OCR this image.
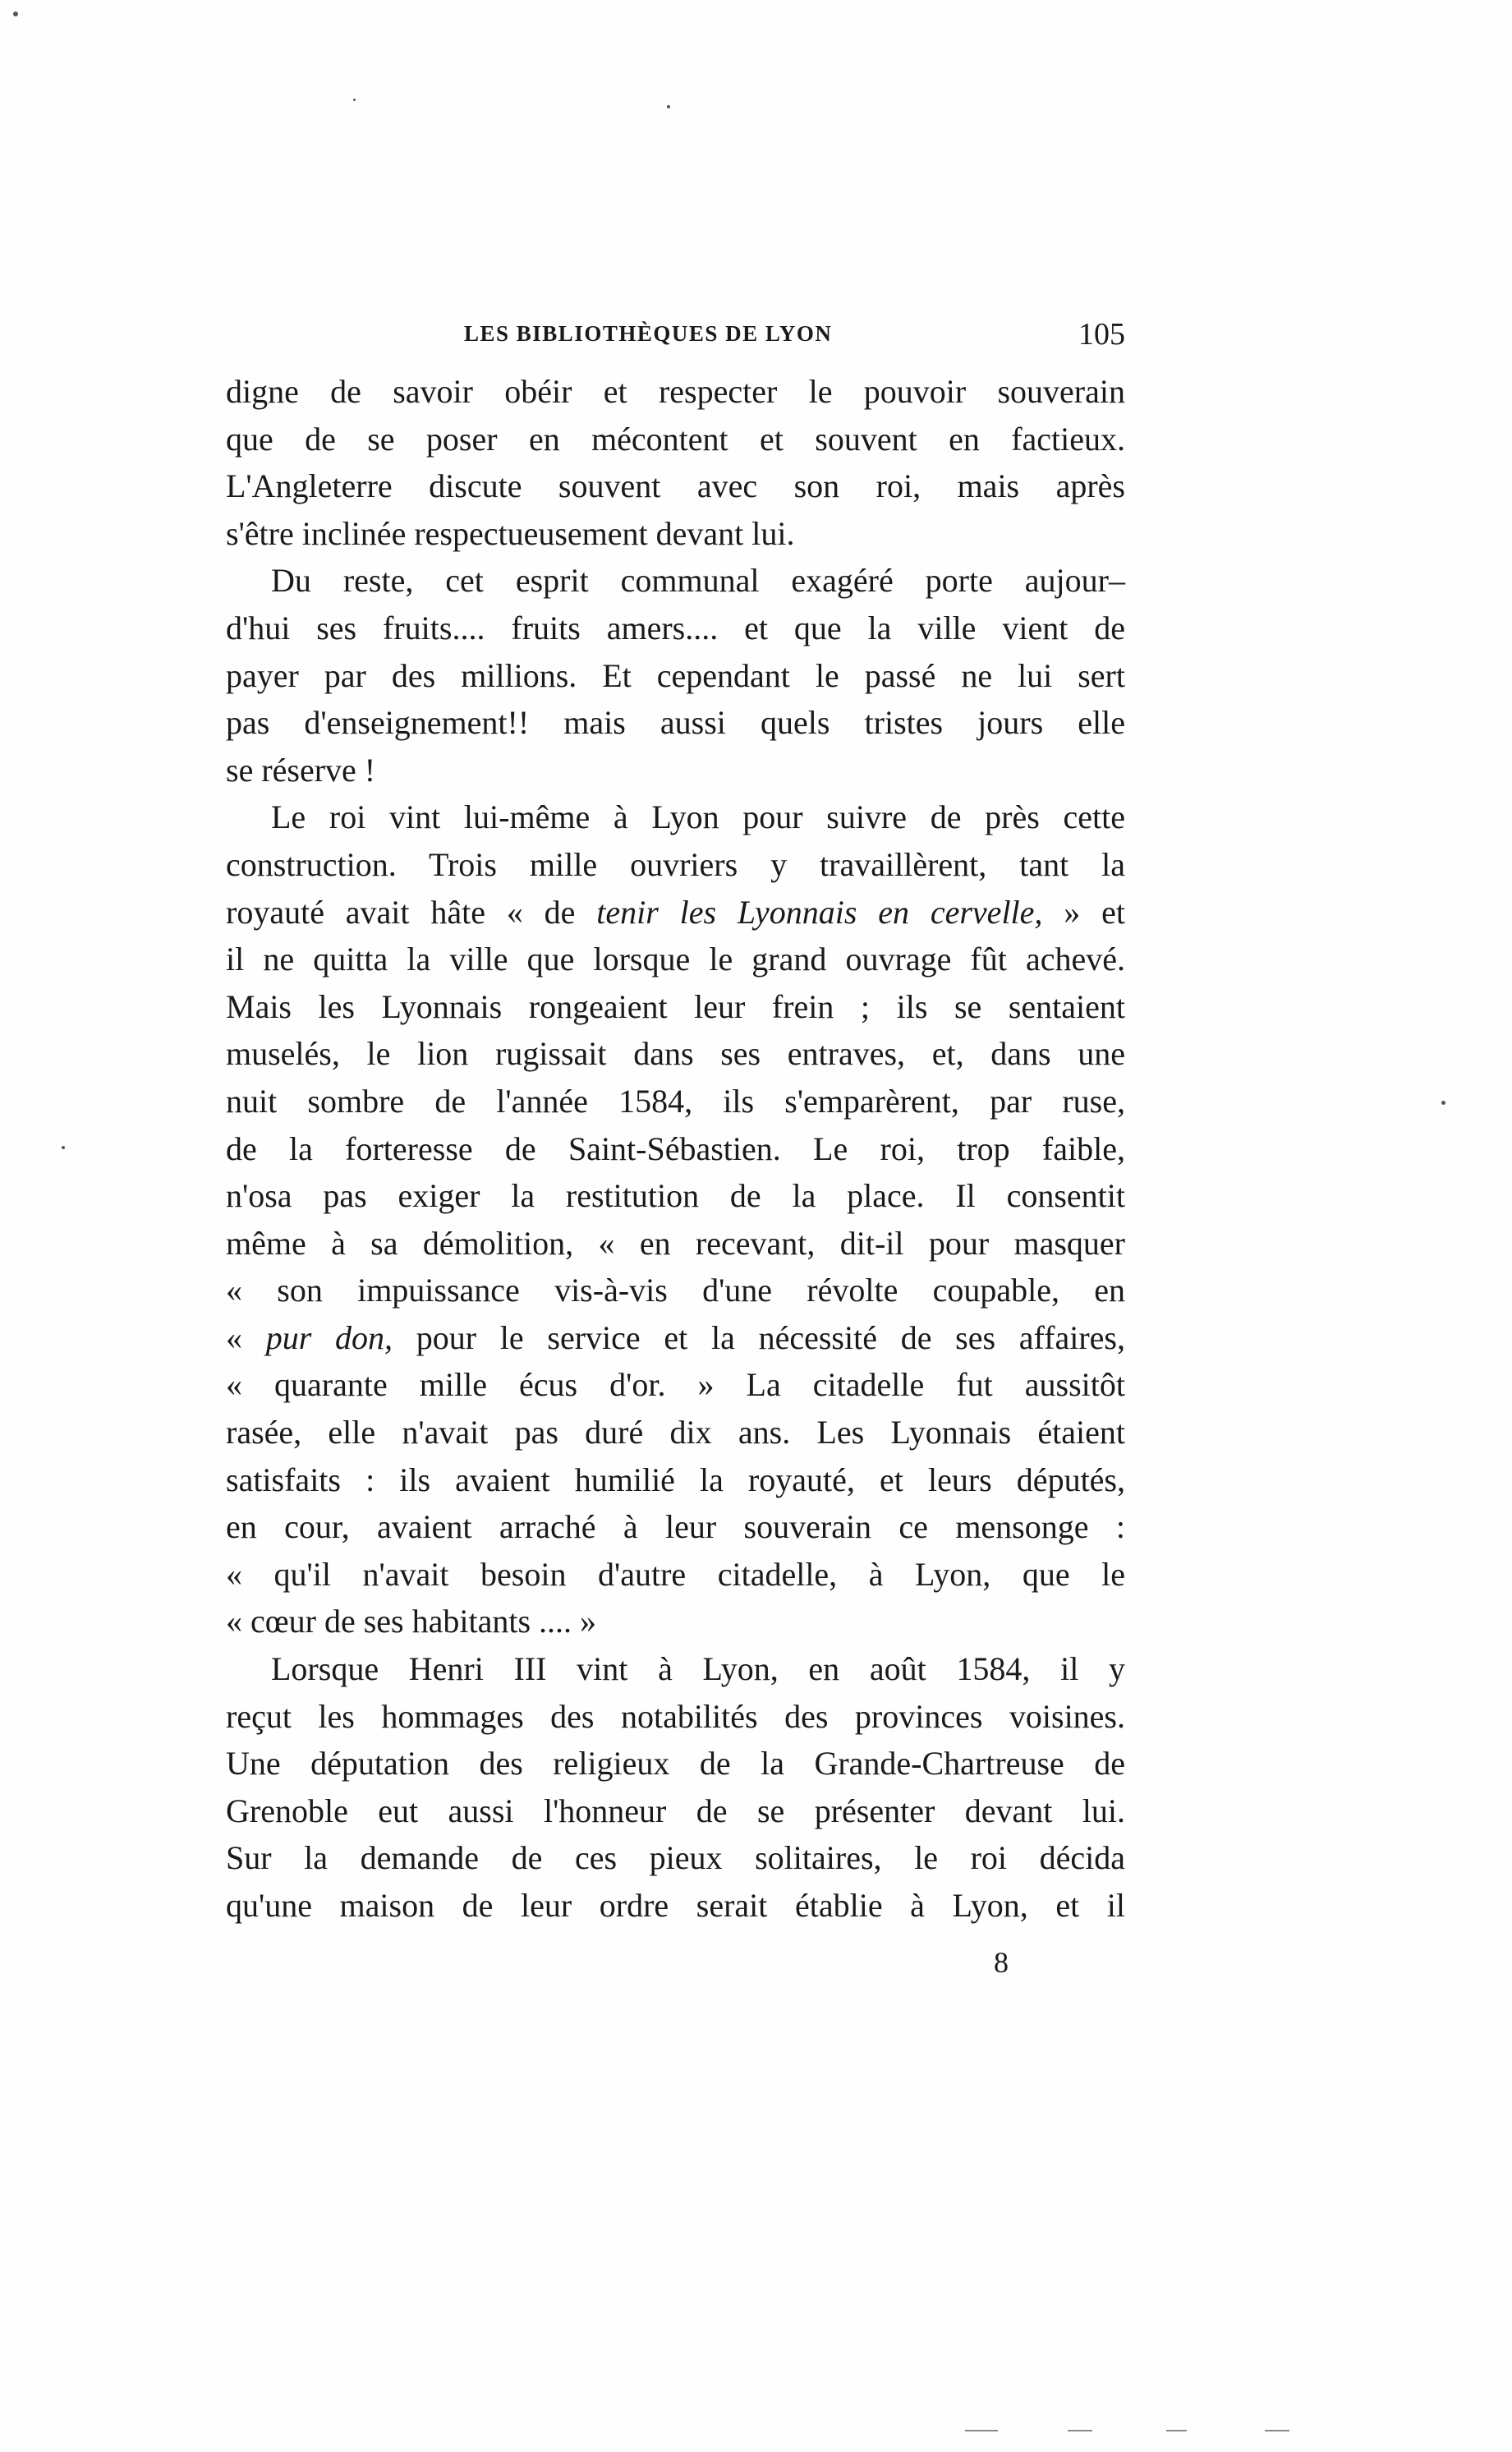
LES BIBLIOTHÈQUES DE LYON	105
digne de savoir obéir et respecter le pouvoir souverain
que de se poser en mécontent et souvent en factieux.
L'Angleterre discute souvent avec son roi, mais après
s'être inclinée respectueusement devant lui.
Du reste, cet esprit communal exagéré porte aujour–
d'hui ses fruits.... fruits amers.... et que la ville vient de
payer par des millions. Et cependant le passé ne lui sert
pas d'enseignement!! mais aussi quels tristes jours elle
se réserve !
Le roi vint lui-même à Lyon pour suivre de près cette
construction. Trois mille ouvriers y travaillèrent, tant la
royauté avait hâte « de tenir les Lyonnais en cervelle, » et
il ne quitta la ville que lorsque le grand ouvrage fût achevé.
Mais les Lyonnais rongeaient leur frein ; ils se sentaient
muselés, le lion rugissait dans ses entraves, et, dans une
nuit sombre de l'année 1584, ils s'emparèrent, par ruse,
de la forteresse de Saint-Sébastien. Le roi, trop faible,
n'osa pas exiger la restitution de la place. Il consentit
même à sa démolition, « en recevant, dit-il pour masquer
« son impuissance vis-à-vis d'une révolte coupable, en
« pur don, pour le service et la nécessité de ses affaires,
« quarante mille écus d'or. » La citadelle fut aussitôt
rasée, elle n'avait pas duré dix ans. Les Lyonnais étaient
satisfaits : ils avaient humilié la royauté, et leurs députés,
en cour, avaient arraché à leur souverain ce mensonge :
« qu'il n'avait besoin d'autre citadelle, à Lyon, que le
« cœur de ses habitants .... »
Lorsque Henri III vint à Lyon, en août 1584, il y
reçut les hommages des notabilités des provinces voisines.
Une députation des religieux de la Grande-Chartreuse de
Grenoble eut aussi l'honneur de se présenter devant lui.
Sur la demande de ces pieux solitaires, le roi décida
qu'une maison de leur ordre serait établie à Lyon, et il
8
